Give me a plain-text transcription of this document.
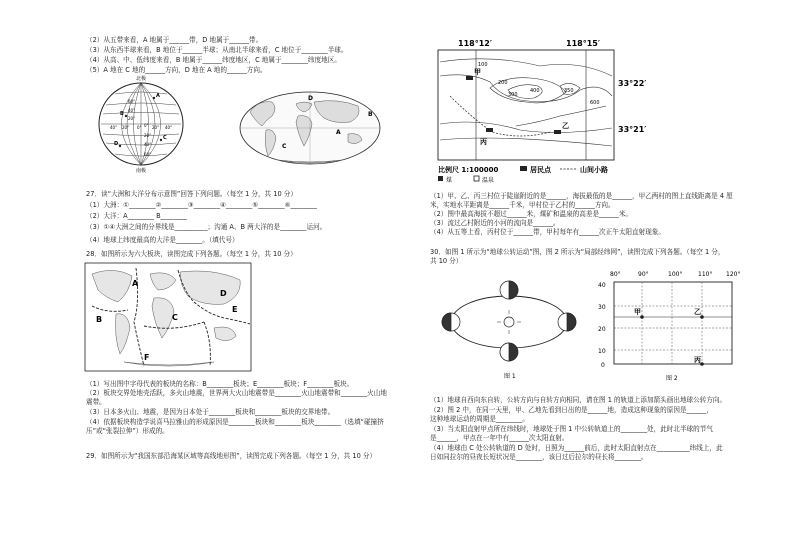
（2）从五带来看，A 地属于______带，D 地属于______带。
（3）从东西半球来看，B 地位于______半球；从南北半球来看，C 地位于________半球。
（4）从高、中、低纬度来看，B 地属于______纬度地区，C 地属于________纬度地区。
（5）A 地在 C 地的______方向，D 地在 A 地的______方向。
北极
60°
40°
20°
0°
20°
40°
60°
40° 20° 0°	20° 40°
A
B
C
D
南极
A
B
C
D
27．读“大洲和大洋分布示意图”回答下列问题。（每空 1 分，共 10 分）
（1）大洲：①________②________③________④________⑤________⑥________
（2）大洋：A________ B________
（3）①④大洲之间的分界线是__________；沟通 A、B 两大洋的是________运河。
（4）地球上纬度最高的大洋是________。（填代号）
28．如图所示为六大板块，读图完成下列各题。（每空 1 分，共 10 分）
A
B	C
D
E
F
（1）写出图中字母代表的板块的名称：B________板块；E________板块；F________板块。
（2）板块交界处地壳活跃，多火山地震，世界两大火山地震带是________火山地震带和________火山地
震带。
（3）日本多火山、地震，是因为日本处于________板块和________板块的交界地带。
（4）依据板块构造学说喜马拉雅山的形成原因是________板块和________板块________（选填“碰撞挤
压”或“张裂拉伸”）形成的。
29．如图所示为“我国东部沿海某区域等高线地形图”，读图完成下列各题。（每空 1 分，共 10 分）
118°12′	118°15′
100
200
300
400	350
600
甲
乙
丙
33°22′
33°21′
比例尺 1:100000	居民点	山间小路
煤	温泉
（1）甲、乙、丙三村位于陡崖附近的是______，海拔最低的是______，甲乙两村的图上直线距离是 4 厘
米，实地水平距离是______千米，甲村位于乙村的______方向。
（2）图中最高海拔不超过______米，煤矿和温泉的高差是______米。
（3）流过乙村附近的小河的流向是______。
（4）从五等上看，丙村位于______带，甲村每年有______次正午太阳直射现象。
30．如图 1 所示为“地球公转运动”图，图 2 所示为“局部经纬网”，读图完成下列各题。（每空 1 分，
共 10 分）
图 1
80°	90°	100°	110° 120°
40
30
20
10
0
甲	乙
丙
图 2
（1）地球自西向东自转，公转方向与自转方向相同，请在图 1 的轨道上添加箭头画出地球公转方向。
（2）图 2 中，在同一天里，甲、乙地先看到日出的是______地，造成这种现象的原因是______，
这种地球运动的周期是________。
（3）当太阳直射甲点所在纬线时，地球处于图 1 中公转轨道上的________处，此时北半球的节气
是______，甲点在一年中有______次太阳直射。
（4）地球由 C 处公转轨道的 D 处时，日照为______前后，此时太阳直射点在__________纬线上，此
日如同拉尔的昼夜长短状况是________，该日过后拉尔的昼长将________。
